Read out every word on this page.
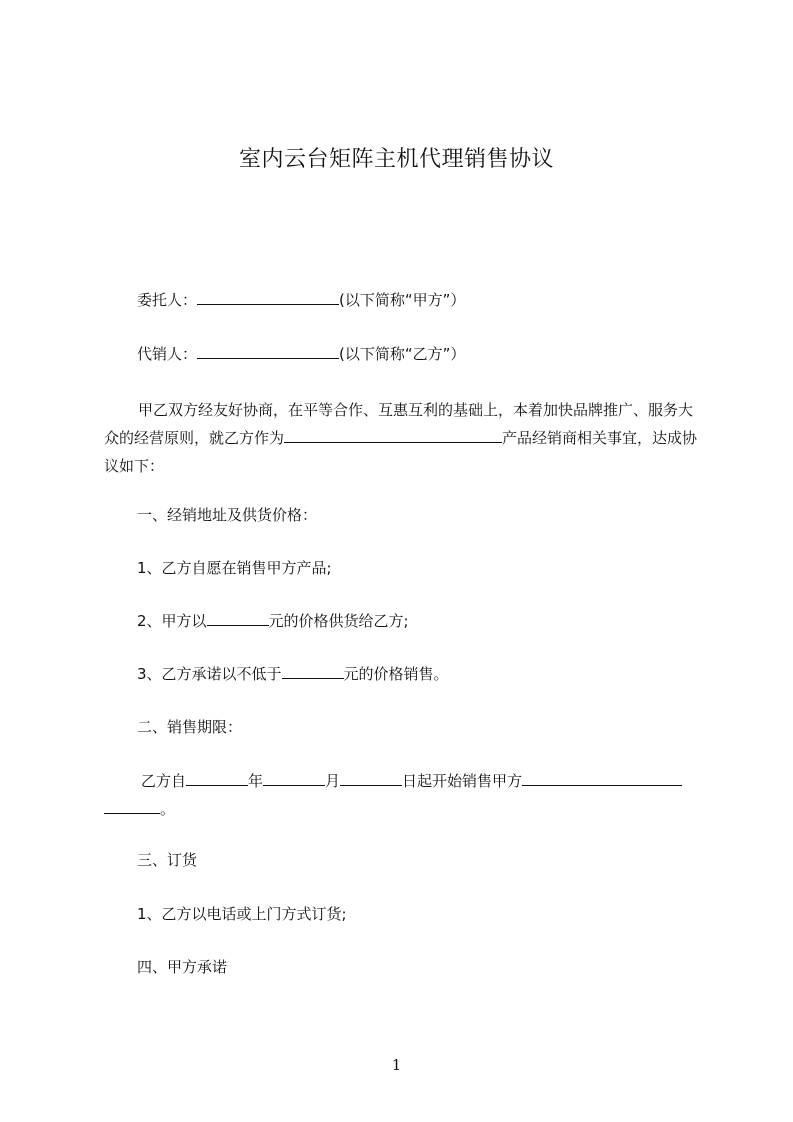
室内云台矩阵主机代理销售协议
委托人：	(以下简称“甲方”）
代销人：	(以下简称“乙方”）
甲乙双方经友好协商，在平等合作、互惠互利的基础上，本着加快品牌推广、服务大众的经营原则，就乙方作为	产品经销商相关事宜，达成协议如下：
一、经销地址及供货价格：
1、乙方自愿在销售甲方产品;
2、甲方以	元的价格供货给乙方;
3、乙方承诺以不低于	元的价格销售。
二、销售期限：
乙方自	年	月	日起开始销售甲方
。
三、订货
1、乙方以电话或上门方式订货;
四、甲方承诺
1
